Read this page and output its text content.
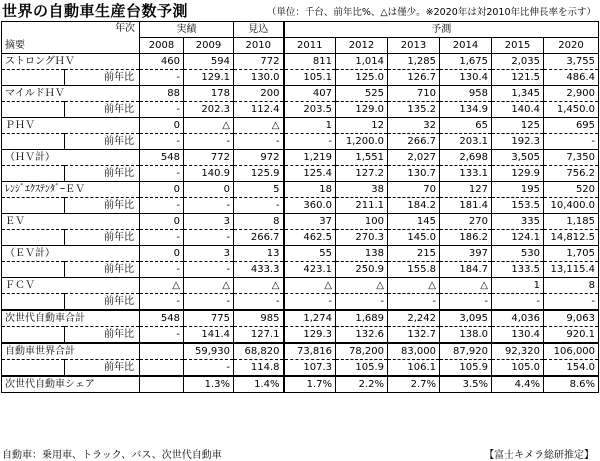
世界の自動車生産台数予測	（単位：千台、前年比%、△は僅少。※2020年は対2010年比伸長率を示す）
年次
摘要		実績		見込	予測					
		2008	2009	2010	2011	2012	2013	2014	2015	2020
ストロングＨＶ		460	594	772	811	1,014	1,285	1,675	2,035	3,755
	前年比	-	129.1	130.0	105.1	125.0	126.7	130.4	121.5	486.4
マイルドＨＶ		88	178	200	407	525	710	958	1,345	2,900
	前年比	-	202.3	112.4	203.5	129.0	135.2	134.9	140.4	1,450.0
ＰＨＶ		0	△	△	1	12	32	65	125	695
	前年比	-	-	-	-	1,200.0	266.7	203.1	192.3	-
（ＨＶ計）		548	772	972	1,219	1,551	2,027	2,698	3,505	7,350
	前年比	-	140.9	125.9	125.4	127.2	130.7	133.1	129.9	756.2
ﾚﾝｼﾞｴｸｽﾃﾝﾀﾞｰＥＶ		0	0	5	18	38	70	127	195	520
	前年比	-	-	-	360.0	211.1	184.2	181.4	153.5	10,400.0
ＥＶ		0	3	8	37	100	145	270	335	1,185
	前年比	-	-	266.7	462.5	270.3	145.0	186.2	124.1	14,812.5
（ＥＶ計）		0	3	13	55	138	215	397	530	1,705
	前年比	-	-	433.3	423.1	250.9	155.8	184.7	133.5	13,115.4
ＦＣＶ		△	△	△	△	△	△	△	1	8
	前年比	-	-	-	-	-	-	-	-	-
次世代自動車合計		548	775	985	1,274	1,689	2,242	3,095	4,036	9,063
	前年比	-	141.4	127.1	129.3	132.6	132.7	138.0	130.4	920.1
自動車世界合計			59,930	68,820	73,816	78,200	83,000	87,920	92,320	106,000
	前年比		-	114.8	107.3	105.9	106.1	105.9	105.0	154.0
次世代自動車シェア			1.3%	1.4%	1.7%	2.2%	2.7%	3.5%	4.4%	8.6%
自動車：乗用車、トラック、バス、次世代自動車	【富士キメラ総研推定】
